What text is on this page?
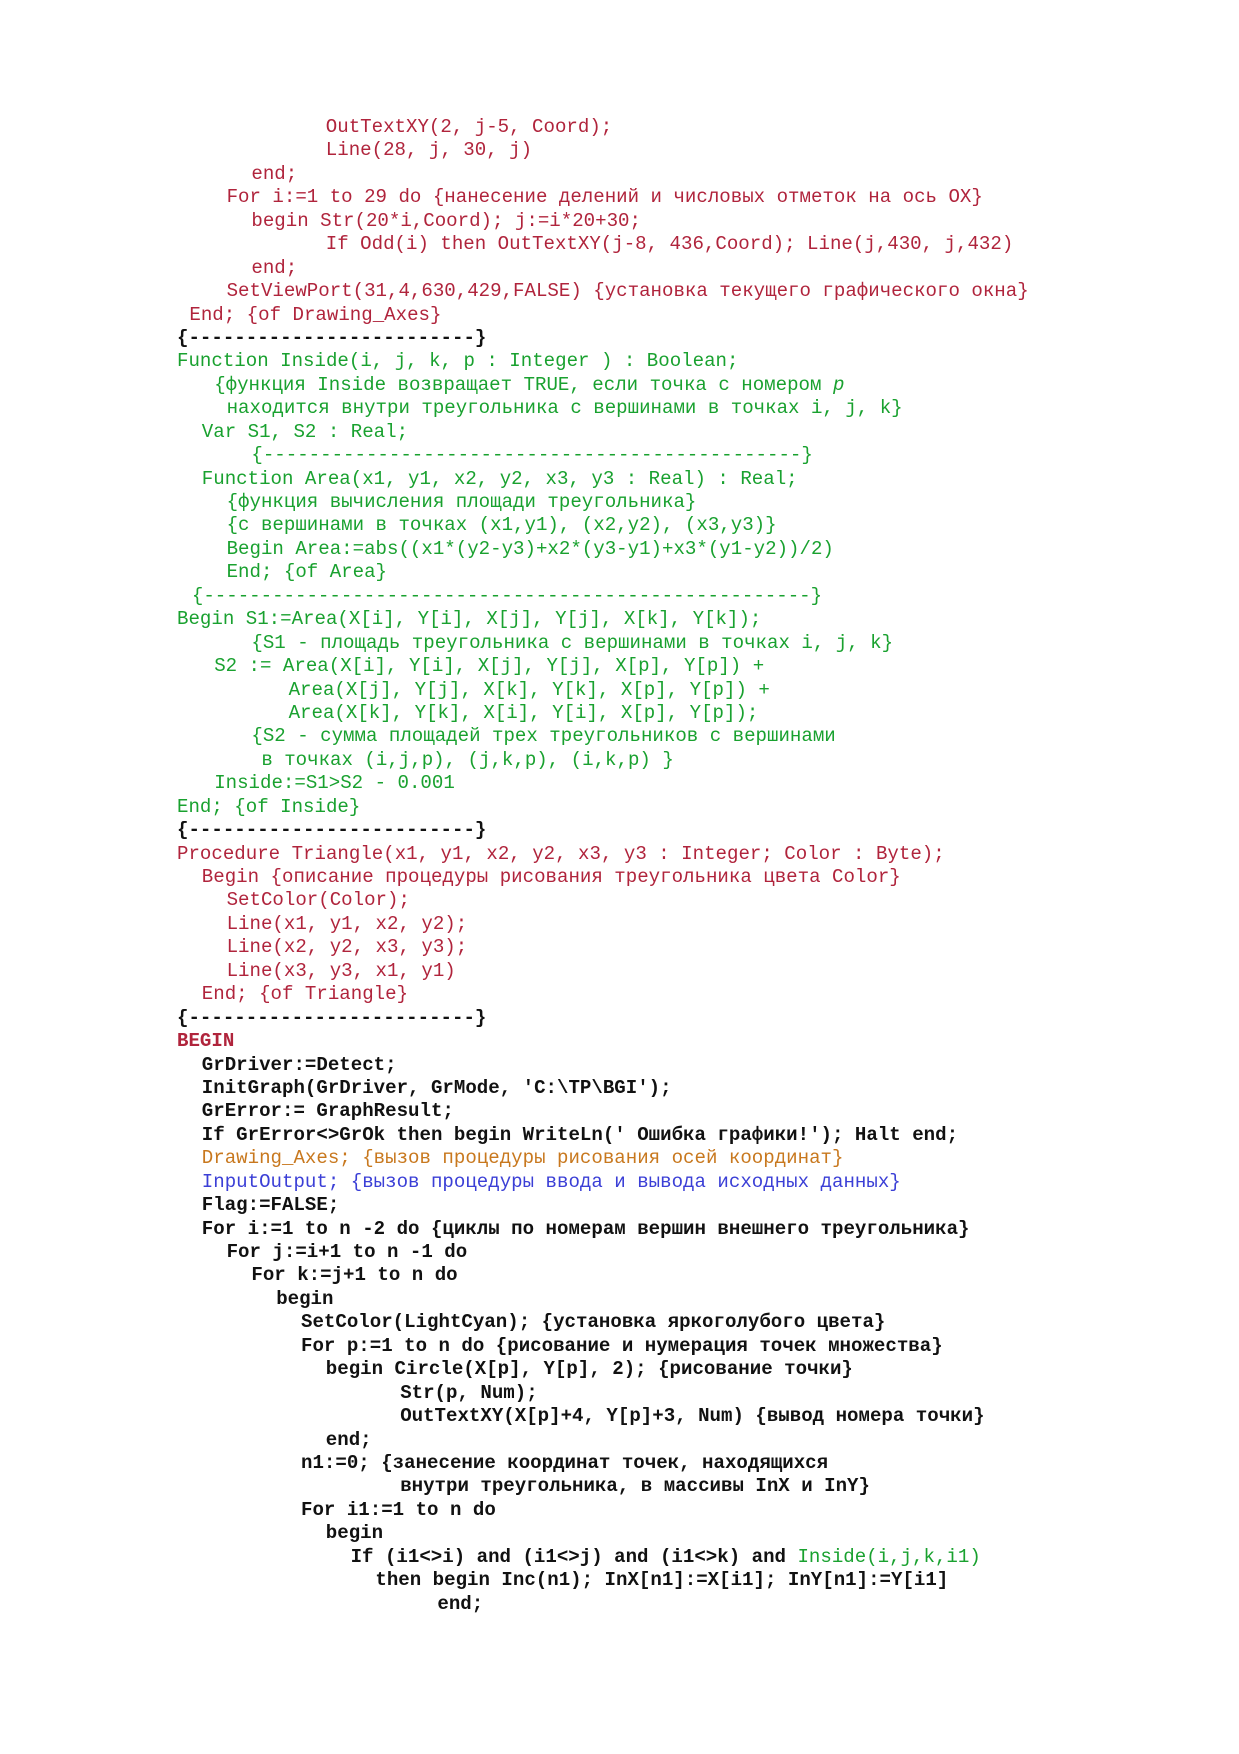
OutTextXY(2, j-5, Coord);
Line(28, j, 30, j)
end;
For i:=1 to 29 do {нанесение делений и числовых отметок на ось OX}
begin Str(20*i,Coord); j:=i*20+30;
If Odd(i) then OutTextXY(j-8, 436,Coord); Line(j,430, j,432)
end;
SetViewPort(31,4,630,429,FALSE) {установка текущего графического окна}
End; {of Drawing_Axes}
{-------------------------}
Function Inside(i, j, k, p : Integer ) : Boolean;
{функция Inside возвращает TRUE, если точка с номером p
находится внутри треугольника с вершинами в точках i, j, k}
Var S1, S2 : Real;
{-----------------------------------------------}
Function Area(x1, y1, x2, y2, x3, y3 : Real) : Real;
{функция вычисления площади треугольника}
{с вершинами в точках (x1,y1), (x2,y2), (x3,y3)}
Begin Area:=abs((x1*(y2-y3)+x2*(y3-y1)+x3*(y1-y2))/2)
End; {of Area}
{-----------------------------------------------------}
Begin S1:=Area(X[i], Y[i], X[j], Y[j], X[k], Y[k]);
{S1 - площадь треугольника с вершинами в точках i, j, k}
S2 := Area(X[i], Y[i], X[j], Y[j], X[p], Y[p]) +
Area(X[j], Y[j], X[k], Y[k], X[p], Y[p]) +
Area(X[k], Y[k], X[i], Y[i], X[p], Y[p]);
{S2 - сумма площадей трех треугольников с вершинами
в точках (i,j,p), (j,k,p), (i,k,p) }
Inside:=S1>S2 - 0.001
End; {of Inside}
{-------------------------}
Procedure Triangle(x1, y1, x2, y2, x3, y3 : Integer; Color : Byte);
Begin {описание процедуры рисования треугольника цвета Color}
SetColor(Color);
Line(x1, y1, x2, y2);
Line(x2, y2, x3, y3);
Line(x3, y3, x1, y1)
End; {of Triangle}
{-------------------------}
BEGIN
GrDriver:=Detect;
InitGraph(GrDriver, GrMode, 'C:\TP\BGI');
GrError:= GraphResult;
If GrError<>GrOk then begin WriteLn(' Ошибка графики!'); Halt end;
Drawing_Axes; {вызов процедуры рисования осей координат}
InputOutput; {вызов процедуры ввода и вывода исходных данных}
Flag:=FALSE;
For i:=1 to n -2 do {циклы по номерам вершин внешнего треугольника}
For j:=i+1 to n -1 do
For k:=j+1 to n do
begin
SetColor(LightCyan); {установка яркоголубого цвета}
For p:=1 to n do {рисование и нумерация точек множества}
begin Circle(X[p], Y[p], 2); {рисование точки}
Str(p, Num);
OutTextXY(X[p]+4, Y[p]+3, Num) {вывод номера точки}
end;
n1:=0; {занесение координат точек, находящихся
внутри треугольника, в массивы InX и InY}
For i1:=1 to n do
begin
If (i1<>i) and (i1<>j) and (i1<>k) and Inside(i,j,k,i1)
then begin Inc(n1); InX[n1]:=X[i1]; InY[n1]:=Y[i1]
end;
